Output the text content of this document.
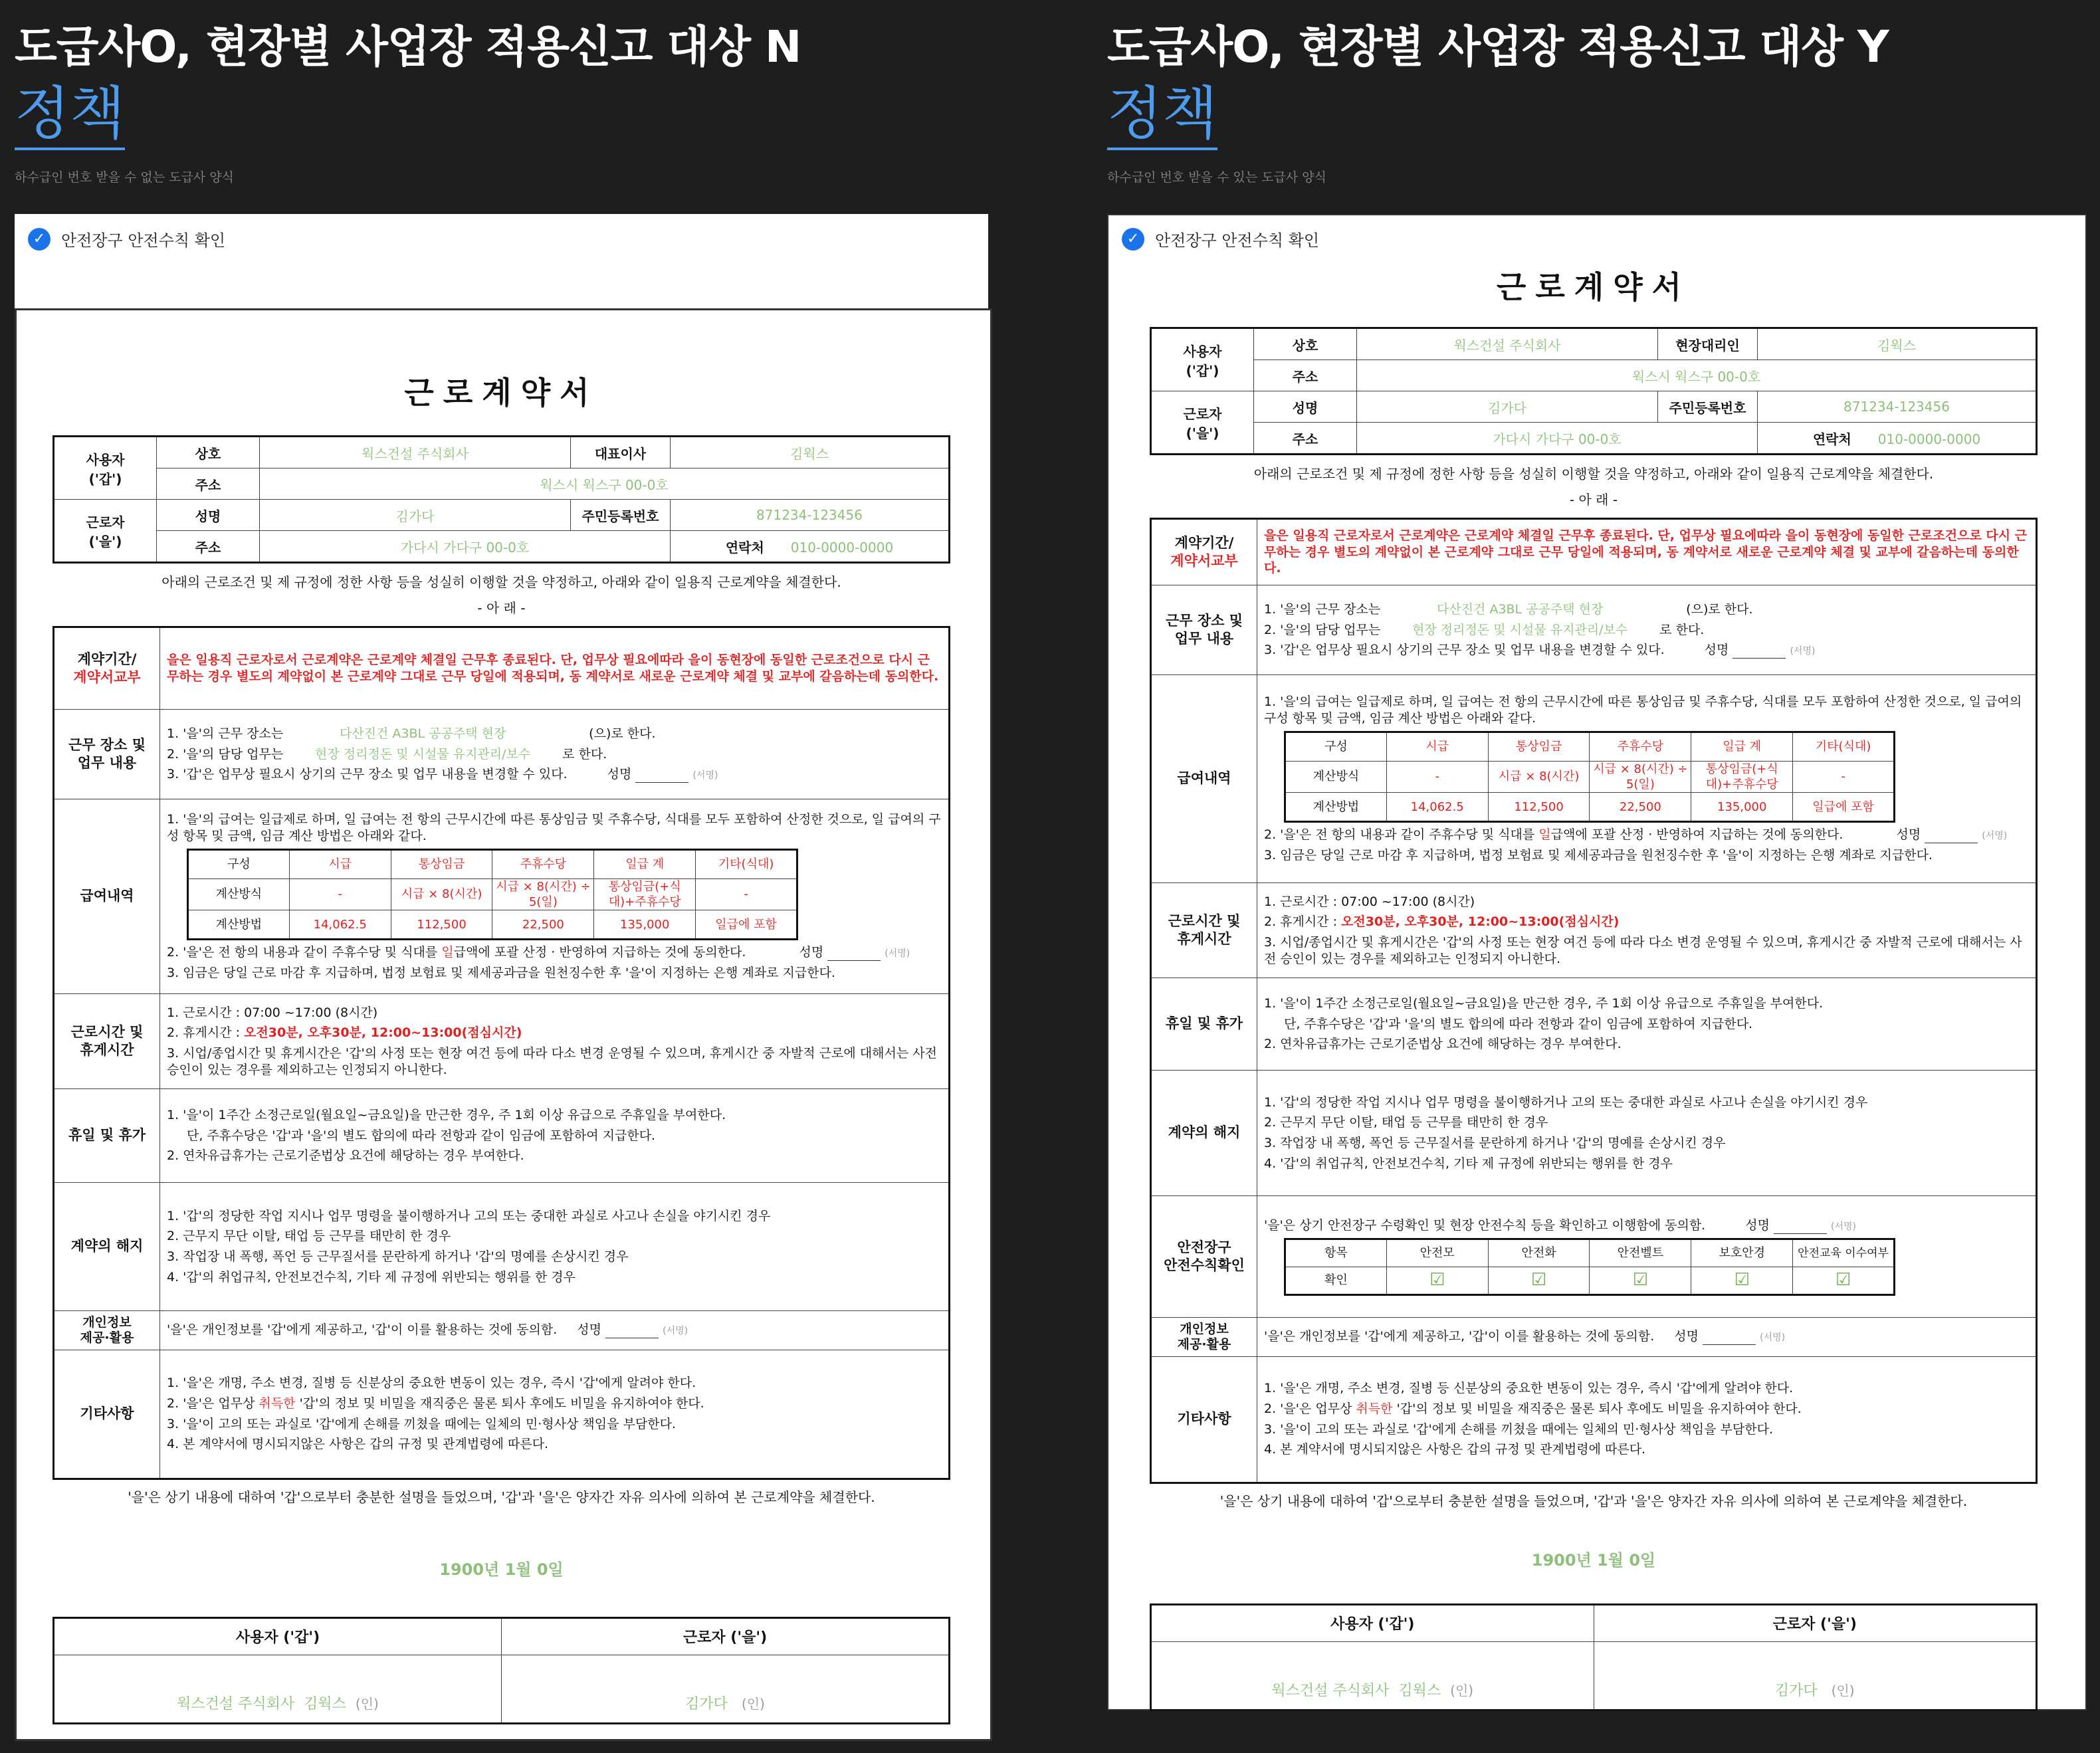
도급사O, 현장별 사업장 적용신고 대상 N
정책
하수급인 번호 받을 수 없는 도급사 양식
✓ 안전장구 안전수칙 확인
근로계약서
사용자
('갑')	상호	웍스건설 주식회사	대표이사	김웍스
	주소	웍스시 웍스구 00-0호		
근로자
('을')	성명	김가다	주민등록번호	871234-123456
	주소	가다시 가다구 00-0호		연락처 010-0000-0000
아래의 근로조건 및 제 규정에 정한 사항 등을 성실히 이행할 것을 약정하고, 아래와 같이 일용직 근로계약을 체결한다.
- 아 래 -
계약기간/
계약서교부
	을은 일용직 근로자로서 근로계약은 근로계약 체결일 근무후 종료된다. 단, 업무상 필요에따라 을이 동현장에 동일한 근로조건으로 다시 근무하는 경우 별도의 계약없이 본 근로계약 그대로 근무 당일에 적용되며, 동 계약서로 새로운 근로계약 체결 및 교부에 갈음하는데 동의한다.
근무 장소 및
업무 내용	
1. '을'의 근무 장소는	다산진건 A3BL 공공주택 현장	(으)로 한다.
2. '을'의 담당 업무는	현장 정리정돈 및 시설물 유지관리/보수	로 한다.
3. '갑'은 업무상 필요시 상기의 근무 장소 및 업무 내용을 변경할 수 있다.	성명	(서명)

급여내역	
1. '을'의 급여는 일급제로 하며, 일 급여는 전 항의 근무시간에 따른 통상임금 및 주휴수당, 식대를 모두 포함하여 산정한 것으로, 일 급여의 구성 항목 및 금액, 임금 계산 방법은 아래와 같다.
구성	시급	통상임금	주휴수당	일급 계	기타(식대)
계산방식	-	시급 × 8(시간)	시급 × 8(시간) ÷ 5(일)	통상임금(+식대)+주휴수당	-
계산방법	14,062.5	112,500	22,500	135,000	일급에 포함
2. '을'은 전 항의 내용과 같이 주휴수당 및 식대를 일급액에 포괄 산정 · 반영하여 지급하는 것에 동의한다.	성명	(서명)
3. 임금은 당일 근로 마감 후 지급하며, 법정 보험료 및 제세공과금을 원천징수한 후 '을'이 지정하는 은행 계좌로 지급한다.

근로시간 및
휴게시간	
1. 근로시간 : 07:00 ~17:00 (8시간)
2. 휴게시간 : 오전30분, 오후30분, 12:00~13:00(점심시간)
3. 시업/종업시간 및 휴게시간은 '갑'의 사정 또는 현장 여건 등에 따라 다소 변경 운영될 수 있으며, 휴게시간 중 자발적 근로에 대해서는 사전 승인이 있는 경우를 제외하고는 인정되지 아니한다.

휴일 및 휴가	
1. '을'이 1주간 소정근로일(월요일~금요일)을 만근한 경우, 주 1회 이상 유급으로 주휴일을 부여한다.
단, 주휴수당은 '갑'과 '을'의 별도 합의에 따라 전항과 같이 임금에 포함하여 지급한다.
2. 연차유급휴가는 근로기준법상 요건에 해당하는 경우 부여한다.

계약의 해지	
1. '갑'의 정당한 작업 지시나 업무 명령을 불이행하거나 고의 또는 중대한 과실로 사고나 손실을 야기시킨 경우
2. 근무지 무단 이탈, 태업 등 근무를 태만히 한 경우
3. 작업장 내 폭행, 폭언 등 근무질서를 문란하게 하거나 '갑'의 명예를 손상시킨 경우
4. '갑'의 취업규칙, 안전보건수칙, 기타 제 규정에 위반되는 행위를 한 경우

개인정보
제공·활용	'을'은 개인정보를 '갑'에게 제공하고, '갑'이 이를 활용하는 것에 동의함. 성명	(서명)
기타사항	
1. '을'은 개명, 주소 변경, 질병 등 신분상의 중요한 변동이 있는 경우, 즉시 '갑'에게 알려야 한다.
2. '을'은 업무상 취득한 '갑'의 정보 및 비밀을 재직중은 물론 퇴사 후에도 비밀을 유지하여야 한다.
3. '을'이 고의 또는 과실로 '갑'에게 손해를 끼쳤을 때에는 일체의 민·형사상 책임을 부담한다.
4. 본 계약서에 명시되지않은 사항은 갑의 규정 및 관계법령에 따른다.
'을'은 상기 내용에 대하여 '갑'으로부터 충분한 설명을 들었으며, '갑'과 '을'은 양자간 자유 의사에 의하여 본 근로계약을 체결한다.
1900년 1월 0일
사용자 ('갑')	근로자 ('을')
웍스건설 주식회사 김웍스 (인)	김가다 (인)
도급사O, 현장별 사업장 적용신고 대상 Y
정책
하수급인 번호 받을 수 있는 도급사 양식
✓ 안전장구 안전수칙 확인
근로계약서
사용자
('갑')	상호	웍스건설 주식회사	현장대리인	김웍스
	주소	웍스시 웍스구 00-0호		
근로자
('을')	성명	김가다	주민등록번호	871234-123456
	주소	가다시 가다구 00-0호		연락처 010-0000-0000
아래의 근로조건 및 제 규정에 정한 사항 등을 성실히 이행할 것을 약정하고, 아래와 같이 일용직 근로계약을 체결한다.
- 아 래 -
계약기간/
계약서교부
	을은 일용직 근로자로서 근로계약은 근로계약 체결일 근무후 종료된다. 단, 업무상 필요에따라 을이 동현장에 동일한 근로조건으로 다시 근무하는 경우 별도의 계약없이 본 근로계약 그대로 근무 당일에 적용되며, 동 계약서로 새로운 근로계약 체결 및 교부에 갈음하는데 동의한다.
근무 장소 및
업무 내용	
1. '을'의 근무 장소는	다산진건 A3BL 공공주택 현장	(으)로 한다.
2. '을'의 담당 업무는	현장 정리정돈 및 시설물 유지관리/보수	로 한다.
3. '갑'은 업무상 필요시 상기의 근무 장소 및 업무 내용을 변경할 수 있다.	성명	(서명)

급여내역	
1. '을'의 급여는 일급제로 하며, 일 급여는 전 항의 근무시간에 따른 통상임금 및 주휴수당, 식대를 모두 포함하여 산정한 것으로, 일 급여의 구성 항목 및 금액, 임금 계산 방법은 아래와 같다.
구성	시급	통상임금	주휴수당	일급 계	기타(식대)
계산방식	-	시급 × 8(시간)	시급 × 8(시간) ÷ 5(일)	통상임금(+식대)+주휴수당	-
계산방법	14,062.5	112,500	22,500	135,000	일급에 포함
2. '을'은 전 항의 내용과 같이 주휴수당 및 식대를 일급액에 포괄 산정 · 반영하여 지급하는 것에 동의한다.	성명	(서명)
3. 임금은 당일 근로 마감 후 지급하며, 법정 보험료 및 제세공과금을 원천징수한 후 '을'이 지정하는 은행 계좌로 지급한다.

근로시간 및
휴게시간	
1. 근로시간 : 07:00 ~17:00 (8시간)
2. 휴게시간 : 오전30분, 오후30분, 12:00~13:00(점심시간)
3. 시업/종업시간 및 휴게시간은 '갑'의 사정 또는 현장 여건 등에 따라 다소 변경 운영될 수 있으며, 휴게시간 중 자발적 근로에 대해서는 사전 승인이 있는 경우를 제외하고는 인정되지 아니한다.

휴일 및 휴가	
1. '을'이 1주간 소정근로일(월요일~금요일)을 만근한 경우, 주 1회 이상 유급으로 주휴일을 부여한다.
단, 주휴수당은 '갑'과 '을'의 별도 합의에 따라 전항과 같이 임금에 포함하여 지급한다.
2. 연차유급휴가는 근로기준법상 요건에 해당하는 경우 부여한다.

계약의 해지	
1. '갑'의 정당한 작업 지시나 업무 명령을 불이행하거나 고의 또는 중대한 과실로 사고나 손실을 야기시킨 경우
2. 근무지 무단 이탈, 태업 등 근무를 태만히 한 경우
3. 작업장 내 폭행, 폭언 등 근무질서를 문란하게 하거나 '갑'의 명예를 손상시킨 경우
4. '갑'의 취업규칙, 안전보건수칙, 기타 제 규정에 위반되는 행위를 한 경우

안전장구
안전수칙확인	
'을'은 상기 안전장구 수령확인 및 현장 안전수칙 등을 확인하고 이행함에 동의함.	성명	(서명)
항목	안전모	안전화	안전벨트	보호안경	안전교육 이수여부
확인	☑	☑	☑	☑	☑

개인정보
제공·활용	'을'은 개인정보를 '갑'에게 제공하고, '갑'이 이를 활용하는 것에 동의함. 성명	(서명)
기타사항	
1. '을'은 개명, 주소 변경, 질병 등 신분상의 중요한 변동이 있는 경우, 즉시 '갑'에게 알려야 한다.
2. '을'은 업무상 취득한 '갑'의 정보 및 비밀을 재직중은 물론 퇴사 후에도 비밀을 유지하여야 한다.
3. '을'이 고의 또는 과실로 '갑'에게 손해를 끼쳤을 때에는 일체의 민·형사상 책임을 부담한다.
4. 본 계약서에 명시되지않은 사항은 갑의 규정 및 관계법령에 따른다.
'을'은 상기 내용에 대하여 '갑'으로부터 충분한 설명을 들었으며, '갑'과 '을'은 양자간 자유 의사에 의하여 본 근로계약을 체결한다.
1900년 1월 0일
사용자 ('갑')	근로자 ('을')
웍스건설 주식회사 김웍스 (인)	김가다 (인)
